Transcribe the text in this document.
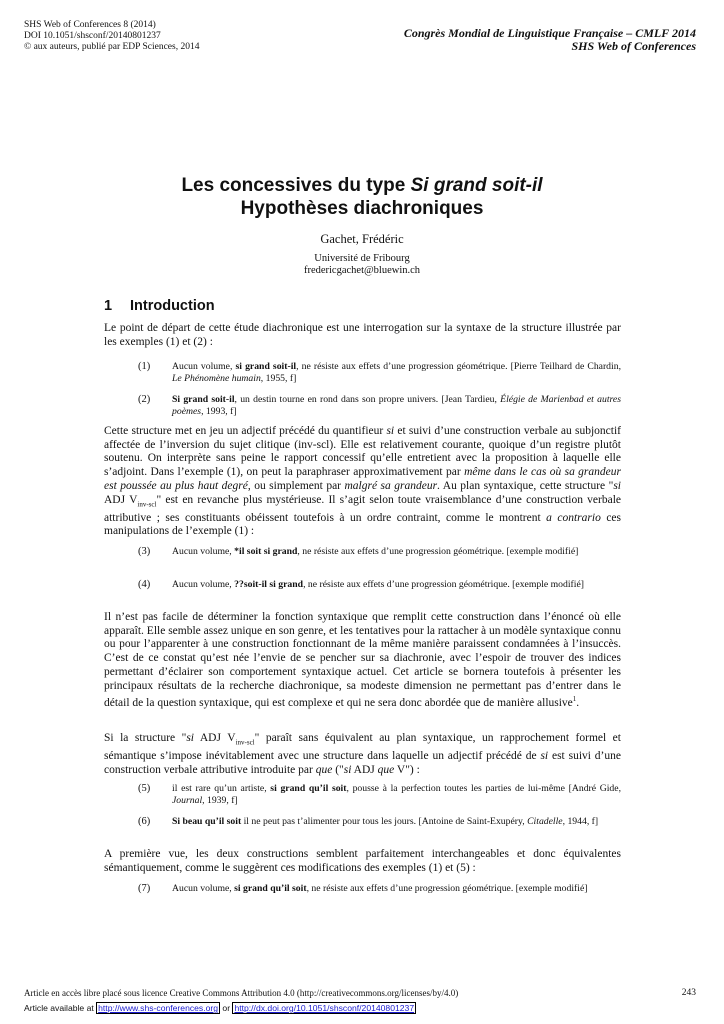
SHS Web of Conferences 8 (2014)
DOI 10.1051/shsconf/20140801237
© aux auteurs, publié par EDP Sciences, 2014
Congrès Mondial de Linguistique Française – CMLF 2014
SHS Web of Conferences
Les concessives du type Si grand soit-il
Hypothèses diachroniques
Gachet, Frédéric
Université de Fribourg
fredericgachet@bluewin.ch
1 Introduction

Le point de départ de cette étude diachronique est une interrogation sur la syntaxe de la structure illustrée par les exemples (1) et (2) :

(1) Aucun volume, si grand soit-il, ne résiste aux effets d’une progression géométrique. [Pierre Teilhard de Chardin, Le Phénomène humain, 1955, f]
(2) Si grand soit-il, un destin tourne en rond dans son propre univers. [Jean Tardieu, Élégie de Marienbad et autres poèmes, 1993, f]

Cette structure met en jeu un adjectif précédé du quantifieur si et suivi d’une construction verbale au subjonctif affectée de l’inversion du sujet clitique (inv-scl). Elle est relativement courante, quoique d’un registre plutôt soutenu. On interprète sans peine le rapport concessif qu’elle entretient avec la proposition à laquelle elle s’adjoint. Dans l’exemple (1), on peut la paraphraser approximativement par même dans le cas où sa grandeur est poussée au plus haut degré, ou simplement par malgré sa grandeur. Au plan syntaxique, cette structure "si ADJ $V_{inv-scl}$" est en revanche plus mystérieuse. Il s’agit selon toute vraisemblance d’une construction verbale attributive ; ses constituants obéissent toutefois à un ordre contraint, comme le montrent a contrario ces manipulations de l’exemple (1) :

(3) Aucun volume, *il soit si grand, ne résiste aux effets d’une progression géométrique. [exemple modifié]
(4) Aucun volume, ??soit-il si grand, ne résiste aux effets d’une progression géométrique. [exemple modifié]

Il n’est pas facile de déterminer la fonction syntaxique que remplit cette construction dans l’énoncé où elle apparaît. Elle semble assez unique en son genre, et les tentatives pour la rattacher à un modèle syntaxique connu ou pour l’apparenter à une construction fonctionnant de la même manière paraissent condamnées à l’insuccès. C’est de ce constat qu’est née l’envie de se pencher sur sa diachronie, avec l’espoir de trouver des indices permettant d’éclairer son comportement syntaxique actuel. Cet article se bornera toutefois à présenter les principaux résultats de la recherche diachronique, sa modeste dimension ne permettant pas d’entrer dans le détail de la question syntaxique, qui est complexe et qui ne sera donc abordée que de manière allusive$^1$.

Si la structure "si ADJ $V_{inv-scl}$" paraît sans équivalent au plan syntaxique, un rapprochement formel et sémantique s’impose inévitablement avec une structure dans laquelle un adjectif précédé de si est suivi d’une construction verbale attributive introduite par que ("si ADJ que V") :

(5) il est rare qu’un artiste, si grand qu’il soit, pousse à la perfection toutes les parties de lui-même [André Gide, Journal, 1939, f]
(6) Si beau qu’il soit il ne peut pas t’alimenter pour tous les jours. [Antoine de Saint-Exupéry, Citadelle, 1944, f]

A première vue, les deux constructions semblent parfaitement interchangeables et donc équivalentes sémantiquement, comme le suggèrent ces modifications des exemples (1) et (5) :

(7) Aucun volume, si grand qu’il soit, ne résiste aux effets d’une progression géométrique. [exemple modifié]
Article en accès libre placé sous licence Creative Commons Attribution 4.0 (http://creativecommons.org/licenses/by/4.0)	243
Article available at http://www.shs-conferences.org or http://dx.doi.org/10.1051/shsconf/20140801237
